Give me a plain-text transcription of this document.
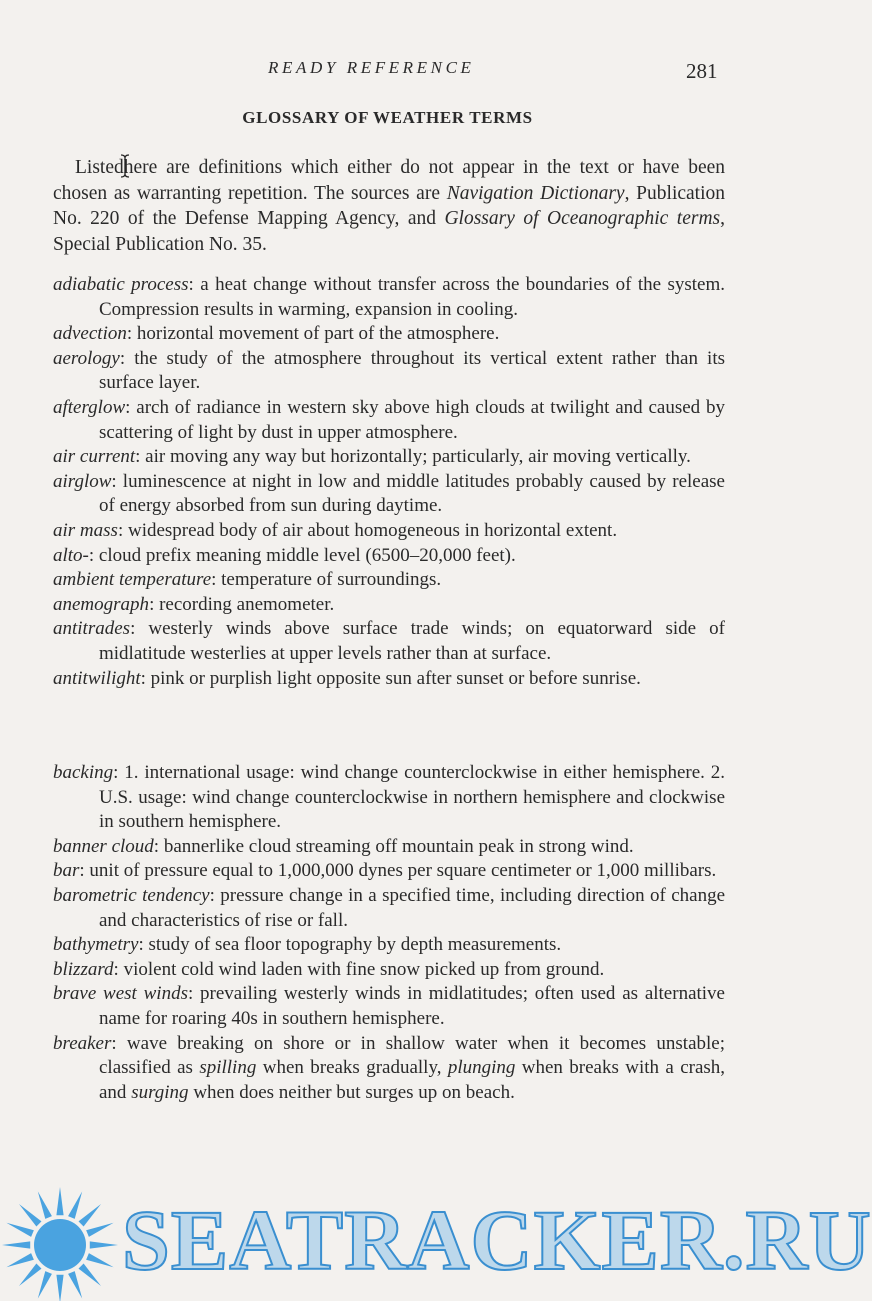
READY REFERENCE	281
GLOSSARY OF WEATHER TERMS

Listed
here are definitions which either do not appear in the text or have been chosen as warranting repetition. The sources are Navigation Dictionary, Publication No. 220 of the Defense Mapping Agency, and Glossary of Oceanographic terms, Special Publication No. 35.

adiabatic process: a heat change without transfer across the boundaries of the system. Compression results in warming, expansion in cooling.

advection: horizontal movement of part of the atmosphere.

aerology: the study of the atmosphere throughout its vertical extent rather than its surface layer.

afterglow: arch of radiance in western sky above high clouds at twilight and caused by scattering of light by dust in upper atmosphere.

air current: air moving any way but horizontally; particularly, air moving vertically.

airglow: luminescence at night in low and middle latitudes probably caused by release of energy absorbed from sun during daytime.

air mass: widespread body of air about homogeneous in horizontal extent.

alto-: cloud prefix meaning middle level (6500–20,000 feet).

ambient temperature: temperature of surroundings.

anemograph: recording anemometer.

antitrades: westerly winds above surface trade winds; on equatorward side of midlatitude westerlies at upper levels rather than at surface.

antitwilight: pink or purplish light opposite sun after sunset or before sunrise.

backing: 1. international usage: wind change counterclockwise in either hemisphere. 2. U.S. usage: wind change counterclockwise in northern hemisphere and clockwise in southern hemisphere.

banner cloud: bannerlike cloud streaming off mountain peak in strong wind.

bar: unit of pressure equal to 1,000,000 dynes per square centimeter or 1,000 millibars.

barometric tendency: pressure change in a specified time, including direction of change and characteristics of rise or fall.

bathymetry: study of sea floor topography by depth measurements.

blizzard: violent cold wind laden with fine snow picked up from ground.

brave west winds: prevailing westerly winds in midlatitudes; often used as alternative name for roaring 40s in southern hemisphere.

breaker: wave breaking on shore or in shallow water when it becomes unstable; classified as spilling when breaks gradually, plunging when breaks with a crash, and surging when does neither but surges up on beach.

SEATRACKER.RU
